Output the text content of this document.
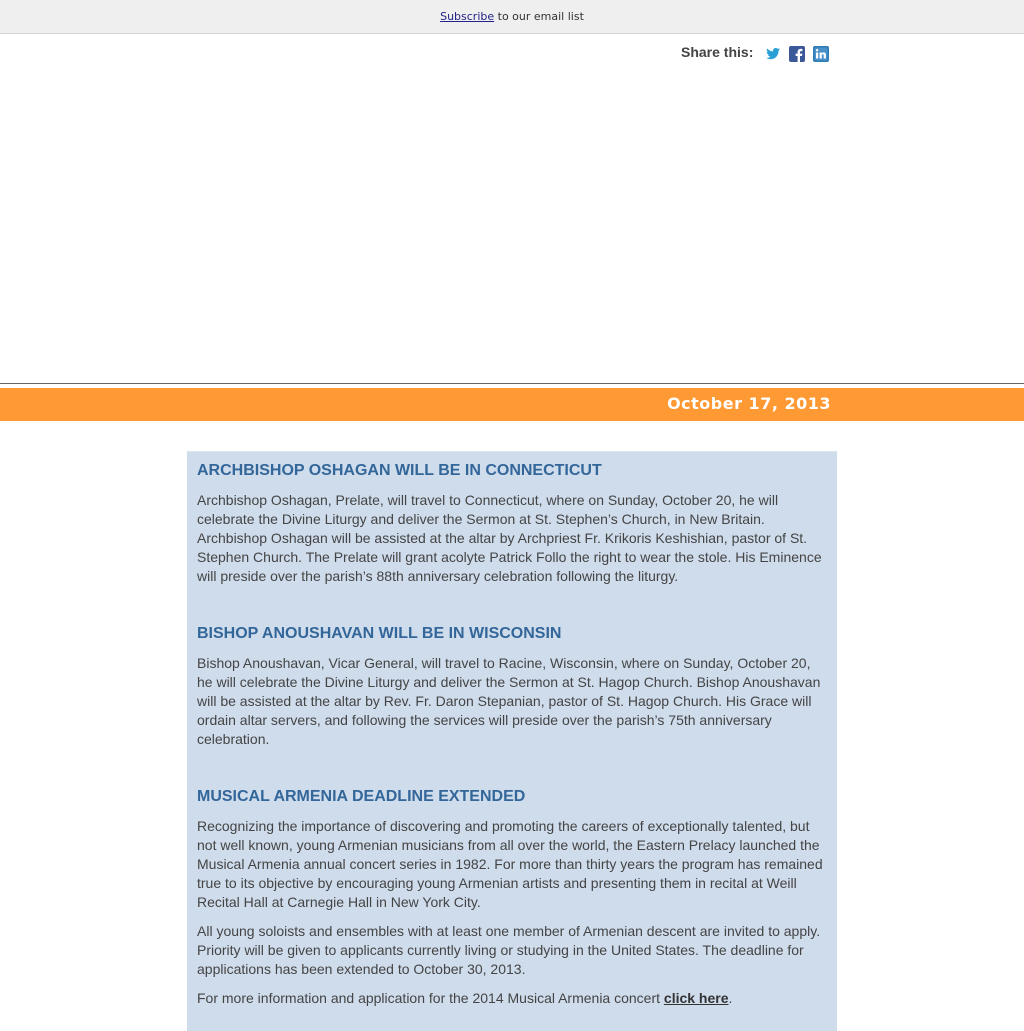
Subscribe to our email list
Share this:
October 17, 2013
ARCHBISHOP OSHAGAN WILL BE IN CONNECTICUT

Archbishop Oshagan, Prelate, will travel to Connecticut, where on Sunday, October 20, he will celebrate the Divine Liturgy and deliver the Sermon at St. Stephen’s Church, in New Britain. Archbishop Oshagan will be assisted at the altar by Archpriest Fr. Krikoris Keshishian, pastor of St. Stephen Church. The Prelate will grant acolyte Patrick Follo the right to wear the stole. His Eminence will preside over the parish’s 88th anniversary celebration following the liturgy.

BISHOP ANOUSHAVAN WILL BE IN WISCONSIN

Bishop Anoushavan, Vicar General, will travel to Racine, Wisconsin, where on Sunday, October 20, he will celebrate the Divine Liturgy and deliver the Sermon at St. Hagop Church. Bishop Anoushavan will be assisted at the altar by Rev. Fr. Daron Stepanian, pastor of St. Hagop Church. His Grace will ordain altar servers, and following the services will preside over the parish’s 75th anniversary celebration.

MUSICAL ARMENIA DEADLINE EXTENDED

Recognizing the importance of discovering and promoting the careers of exceptionally talented, but not well known, young Armenian musicians from all over the world, the Eastern Prelacy launched the Musical Armenia annual concert series in 1982. For more than thirty years the program has remained true to its objective by encouraging young Armenian artists and presenting them in recital at Weill Recital Hall at Carnegie Hall in New York City.

All young soloists and ensembles with at least one member of Armenian descent are invited to apply. Priority will be given to applicants currently living or studying in the United States. The deadline for applications has been extended to October 30, 2013.

For more information and application for the 2014 Musical Armenia concert click here.
